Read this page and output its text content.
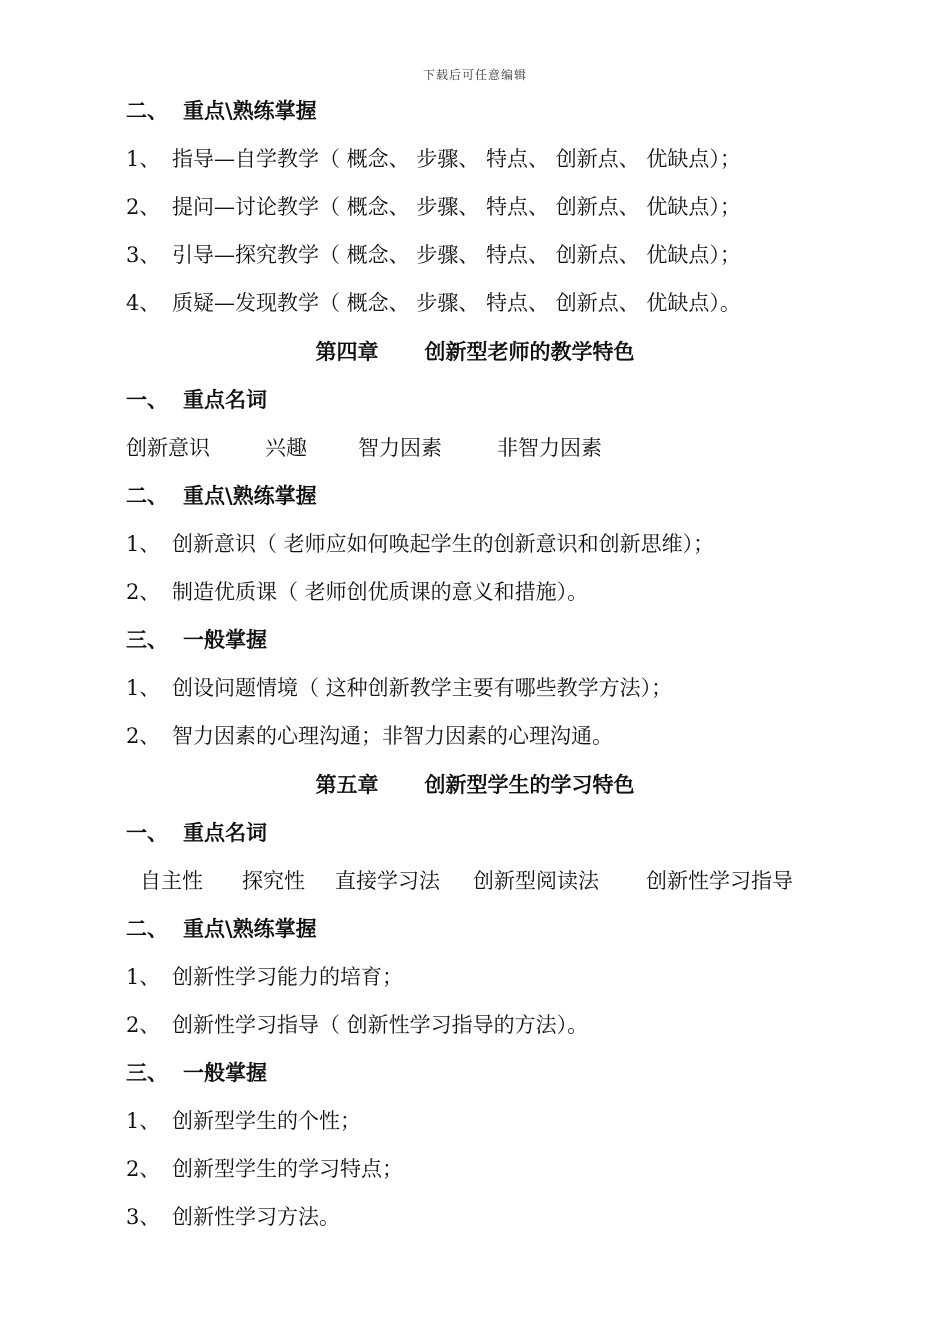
下载后可任意编辑
二、 重点\熟练掌握
1、 指导—自学教学（ 概念、 步骤、 特点、 创新点、 优缺点）；
2、 提问—讨论教学（ 概念、 步骤、 特点、 创新点、 优缺点）；
3、 引导—探究教学（ 概念、 步骤、 特点、 创新点、 优缺点）；
4、 质疑—发现教学（ 概念、 步骤、 特点、 创新点、 优缺点）。
第四章 创新型老师的教学特色
一、 重点名词
创新意识	兴趣 智力因素	非智力因素
二、 重点\熟练掌握
1、 创新意识（ 老师应如何唤起学生的创新意识和创新思维）；
2、 制造优质课（ 老师创优质课的意义和措施）。
三、 一般掌握
1、 创设问题情境（ 这种创新教学主要有哪些教学方法）；
2、 智力因素的心理沟通；非智力因素的心理沟通。
第五章 创新型学生的学习特色
一、 重点名词
自主性 探究性 直接学习法 创新型阅读法 创新性学习指导
二、 重点\熟练掌握
1、 创新性学习能力的培育；
2、 创新性学习指导（ 创新性学习指导的方法）。
三、 一般掌握
1、 创新型学生的个性；
2、 创新型学生的学习特点；
3、 创新性学习方法。
